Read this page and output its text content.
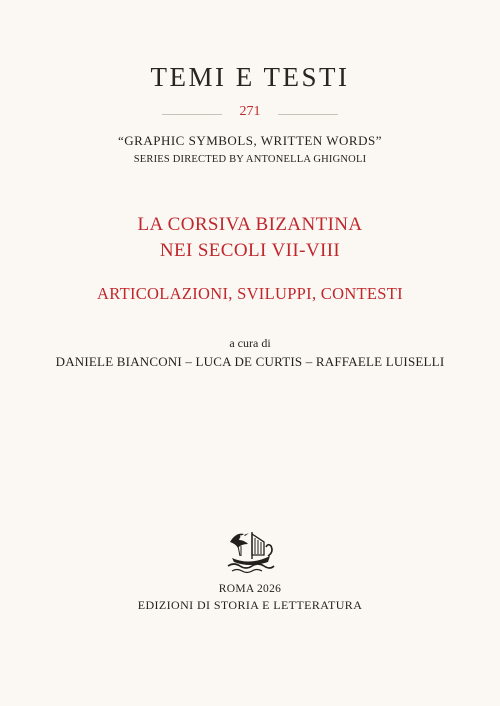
TEMI E TESTI
271
“GRAPHIC SYMBOLS, WRITTEN WORDS”
SERIES DIRECTED BY ANTONELLA GHIGNOLI
LA CORSIVA BIZANTINA
NEI SECOLI VII-VIII
ARTICOLAZIONI, SVILUPPI, CONTESTI
a cura di
DANIELE BIANCONI – LUCA DE CURTIS – RAFFAELE LUISELLI
ROMA 2026
EDIZIONI DI STORIA E LETTERATURA
